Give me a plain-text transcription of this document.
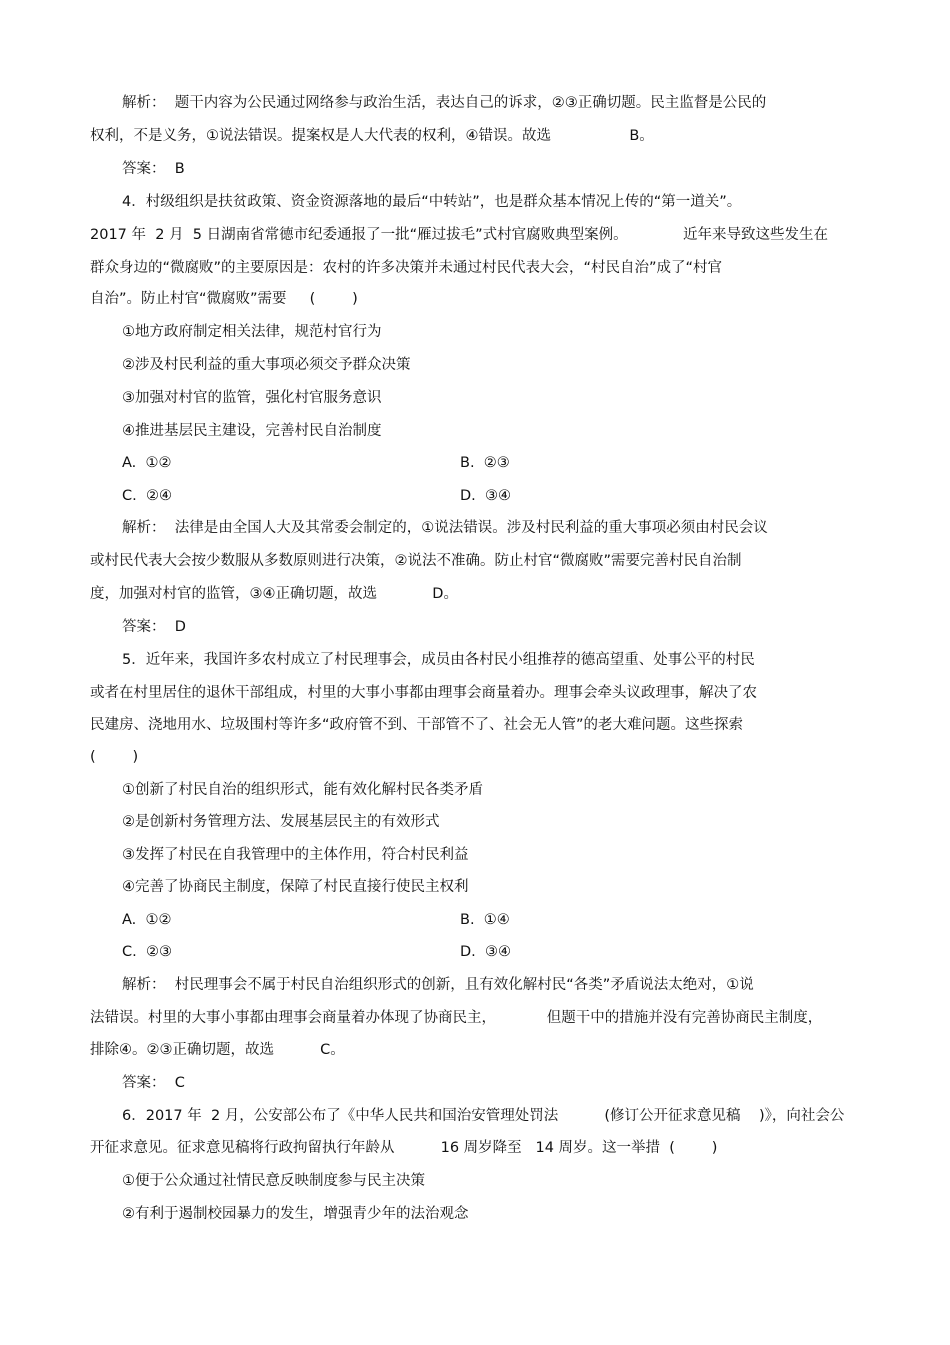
解析：  题干内容为公民通过网络参与政治生活，表达自己的诉求，②③正确切题。民主监督是公民的
权利，不是义务，①说法错误。提案权是人大代表的权利，④错误。故选                 B。
答案：  B
4．村级组织是扶贫政策、资金资源落地的最后“中转站”，也是群众基本情况上传的“第一道关”。
2017 年  2 月  5 日湖南省常德市纪委通报了一批“雁过拔毛”式村官腐败典型案例。            近年来导致这些发生在
群众身边的“微腐败”的主要原因是：农村的许多决策并未通过村民代表大会，“村民自治”成了“村官
自治”。防止村官“微腐败”需要     (        )
①地方政府制定相关法律，规范村官行为
②涉及村民利益的重大事项必须交予群众决策
③加强对村官的监管，强化村官服务意识
④推进基层民主建设，完善村民自治制度
A.  ①②	B.  ②③
C.  ②④	D.  ③④
解析：  法律是由全国人大及其常委会制定的，①说法错误。涉及村民利益的重大事项必须由村民会议
或村民代表大会按少数服从多数原则进行决策，②说法不准确。防止村官“微腐败”需要完善村民自治制
度，加强对村官的监管，③④正确切题，故选            D。
答案：  D
5．近年来，我国许多农村成立了村民理事会，成员由各村民小组推荐的德高望重、处事公平的村民
或者在村里居住的退休干部组成，村里的大事小事都由理事会商量着办。理事会牵头议政理事，解决了农
民建房、浇地用水、垃圾围村等许多“政府管不到、干部管不了、社会无人管”的老大难问题。这些探索
(        )
①创新了村民自治的组织形式，能有效化解村民各类矛盾
②是创新村务管理方法、发展基层民主的有效形式
③发挥了村民在自我管理中的主体作用，符合村民利益
④完善了协商民主制度，保障了村民直接行使民主权利
A.  ①②	B.  ①④
C.  ②③	D.  ③④
解析：  村民理事会不属于村民自治组织形式的创新，且有效化解村民“各类”矛盾说法太绝对，①说
法错误。村里的大事小事都由理事会商量着办体现了协商民主，           但题干中的措施并没有完善协商民主制度，
排除④。②③正确切题，故选          C。
答案：  C
6．2017 年  2 月，公安部公布了《中华人民共和国治安管理处罚法          (修订公开征求意见稿    )》，向社会公
开征求意见。征求意见稿将行政拘留执行年龄从          16 周岁降至   14 周岁。这一举措  (        )
①便于公众通过社情民意反映制度参与民主决策
②有利于遏制校园暴力的发生，增强青少年的法治观念
